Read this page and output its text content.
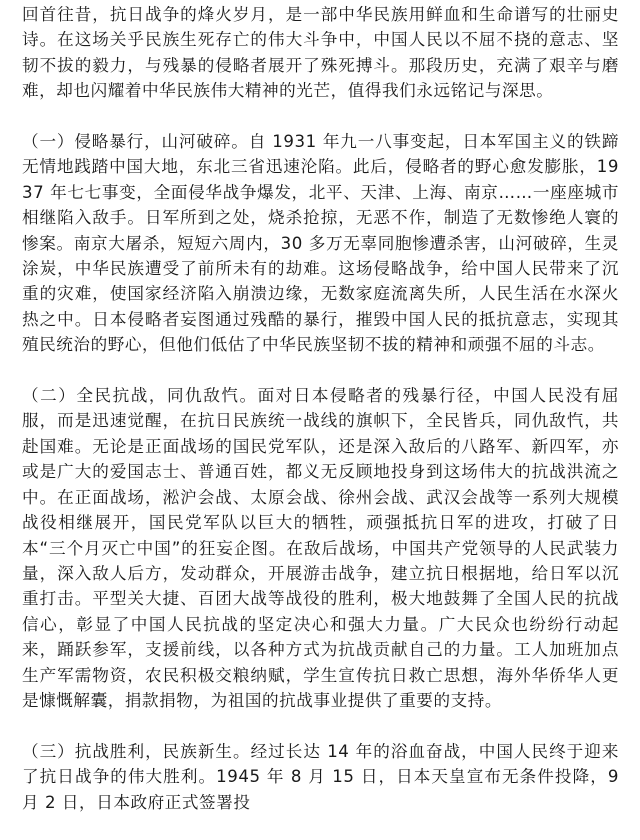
回首往昔，抗日战争的烽火岁月，是一部中华民族用鲜血和生命谱写的壮丽史诗。在这场关乎民族生死存亡的伟大斗争中，中国人民以不屈不挠的意志、坚韧不拔的毅力，与残暴的侵略者展开了殊死搏斗。那段历史，充满了艰辛与磨难，却也闪耀着中华民族伟大精神的光芒，值得我们永远铭记与深思。

（一）侵略暴行，山河破碎。自 1931 年九一八事变起，日本军国主义的铁蹄无情地践踏中国大地，东北三省迅速沦陷。此后，侵略者的野心愈发膨胀，1937 年七七事变，全面侵华战争爆发，北平、天津、上海、南京……一座座城市相继陷入敌手。日军所到之处，烧杀抢掠，无恶不作，制造了无数惨绝人寰的惨案。南京大屠杀，短短六周内，30 多万无辜同胞惨遭杀害，山河破碎，生灵涂炭，中华民族遭受了前所未有的劫难。这场侵略战争，给中国人民带来了沉重的灾难，使国家经济陷入崩溃边缘，无数家庭流离失所，人民生活在水深火热之中。日本侵略者妄图通过残酷的暴行，摧毁中国人民的抵抗意志，实现其殖民统治的野心，但他们低估了中华民族坚韧不拔的精神和顽强不屈的斗志。

（二）全民抗战，同仇敌忾。面对日本侵略者的残暴行径，中国人民没有屈服，而是迅速觉醒，在抗日民族统一战线的旗帜下，全民皆兵，同仇敌忾，共赴国难。无论是正面战场的国民党军队，还是深入敌后的八路军、新四军，亦或是广大的爱国志士、普通百姓，都义无反顾地投身到这场伟大的抗战洪流之中。在正面战场，淞沪会战、太原会战、徐州会战、武汉会战等一系列大规模战役相继展开，国民党军队以巨大的牺牲，顽强抵抗日军的进攻，打破了日本“三个月灭亡中国”的狂妄企图。在敌后战场，中国共产党领导的人民武装力量，深入敌人后方，发动群众，开展游击战争，建立抗日根据地，给日军以沉重打击。平型关大捷、百团大战等战役的胜利，极大地鼓舞了全国人民的抗战信心，彰显了中国人民抗战的坚定决心和强大力量。广大民众也纷纷行动起来，踊跃参军，支援前线，以各种方式为抗战贡献自己的力量。工人加班加点生产军需物资，农民积极交粮纳赋，学生宣传抗日救亡思想，海外华侨华人更是慷慨解囊，捐款捐物，为祖国的抗战事业提供了重要的支持。

（三）抗战胜利，民族新生。经过长达 14 年的浴血奋战，中国人民终于迎来了抗日战争的伟大胜利。1945 年 8 月 15 日，日本天皇宣布无条件投降，9 月 2 日，日本政府正式签署投
